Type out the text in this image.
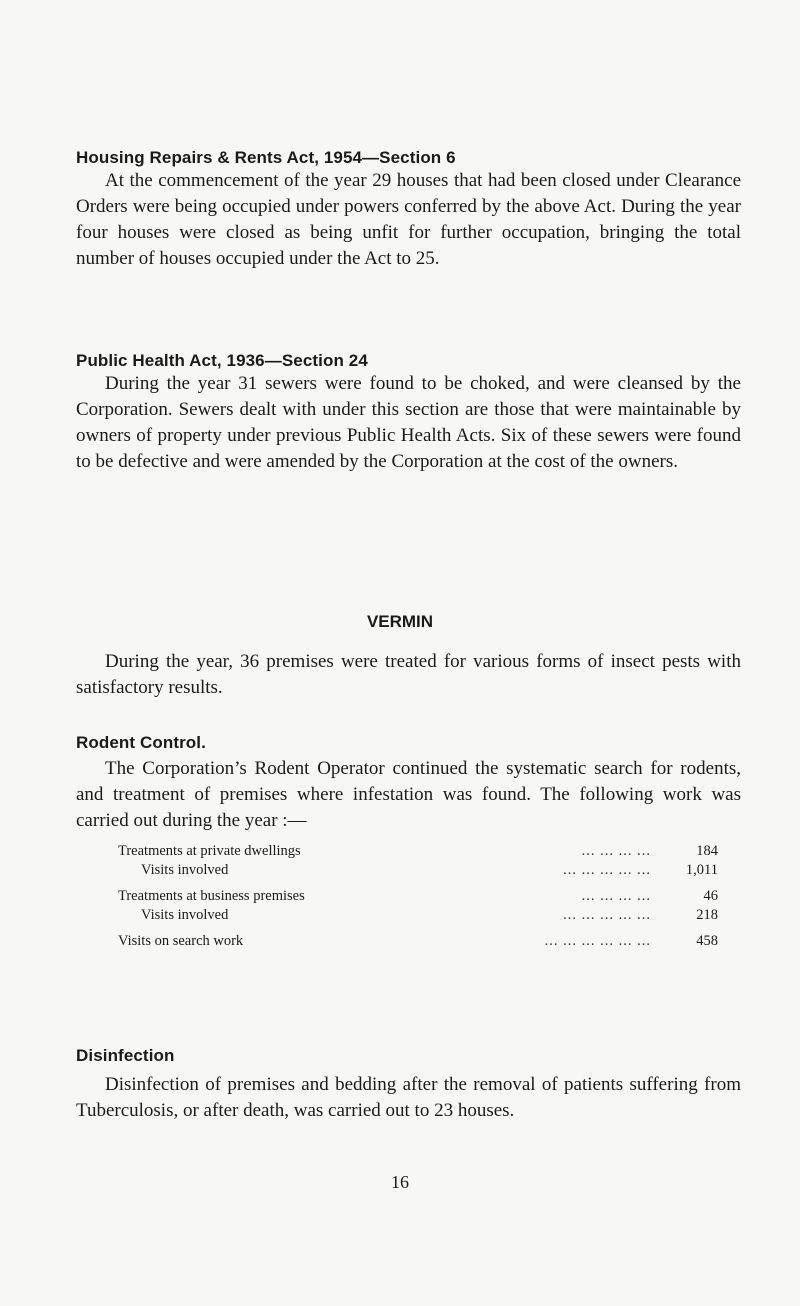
Housing Repairs & Rents Act, 1954—Section 6

At the commencement of the year 29 houses that had been closed under Clearance Orders were being occupied under powers conferred by the above Act. During the year four houses were closed as being unfit for further occupation, bringing the total number of houses occupied under the Act to 25.

Public Health Act, 1936—Section 24

During the year 31 sewers were found to be choked, and were cleansed by the Corporation. Sewers dealt with under this section are those that were maintainable by owners of property under previous Public Health Acts. Six of these sewers were found to be defective and were amended by the Corporation at the cost of the owners.

VERMIN

During the year, 36 premises were treated for various forms of insect pests with satisfactory results.

Rodent Control.

The Corporation’s Rodent Operator continued the systematic search for rodents, and treatment of premises where infestation was found. The following work was carried out during the year :—

Treatments at private dwellings	... ... ... ...	184
Visits involved	... ... ... ... ...	1,011
Treatments at business premises	... ... ... ...	46
Visits involved	... ... ... ... ...	218
Visits on search work	... ... ... ... ... ...	458
Disinfection

Disinfection of premises and bedding after the removal of patients suffering from Tuberculosis, or after death, was carried out to 23 houses.

16
